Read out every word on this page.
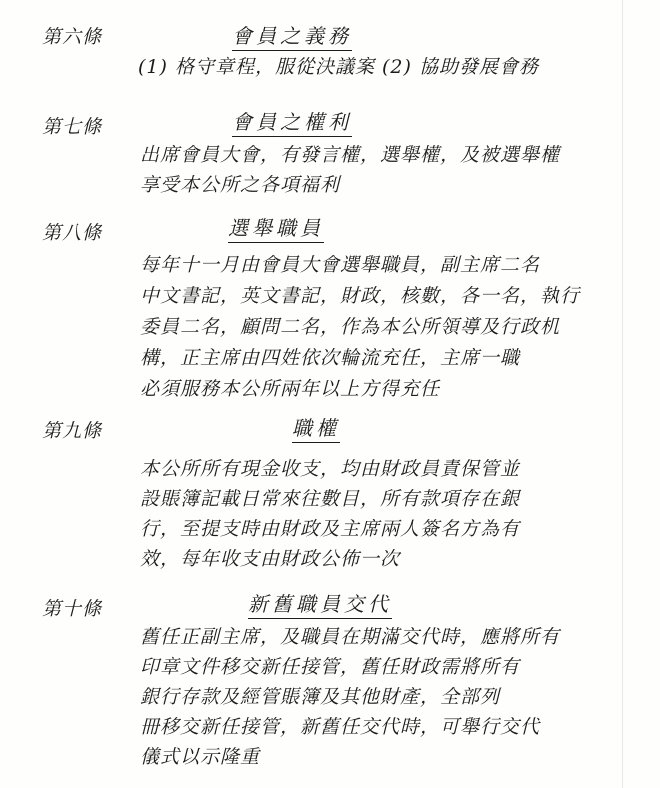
第六條	會員之義務
(1) 格守章程，服從決議案 (2) 協助發展會務
第七條	會員之權利
出席會員大會，有發言權，選舉權，及被選舉權
享受本公所之各項福利
第八條	選舉職員
每年十一月由會員大會選舉職員，副主席二名
中文書記，英文書記，財政，核數，各一名，執行
委員二名，顧問二名，作為本公所領導及行政机
構，正主席由四姓依次輪流充任，主席一職
必須服務本公所兩年以上方得充任
第九條	職權
本公所所有現金收支，均由財政員責保管並
設賬簿記載日常來往數目，所有款項存在銀
行，至提支時由財政及主席兩人簽名方為有
效，每年收支由財政公佈一次
第十條	新舊職員交代
舊任正副主席，及職員在期滿交代時，應將所有
印章文件移交新任接管，舊任財政需將所有
銀行存款及經管賬簿及其他財產，全部列
冊移交新任接管，新舊任交代時，可舉行交代
儀式以示隆重
